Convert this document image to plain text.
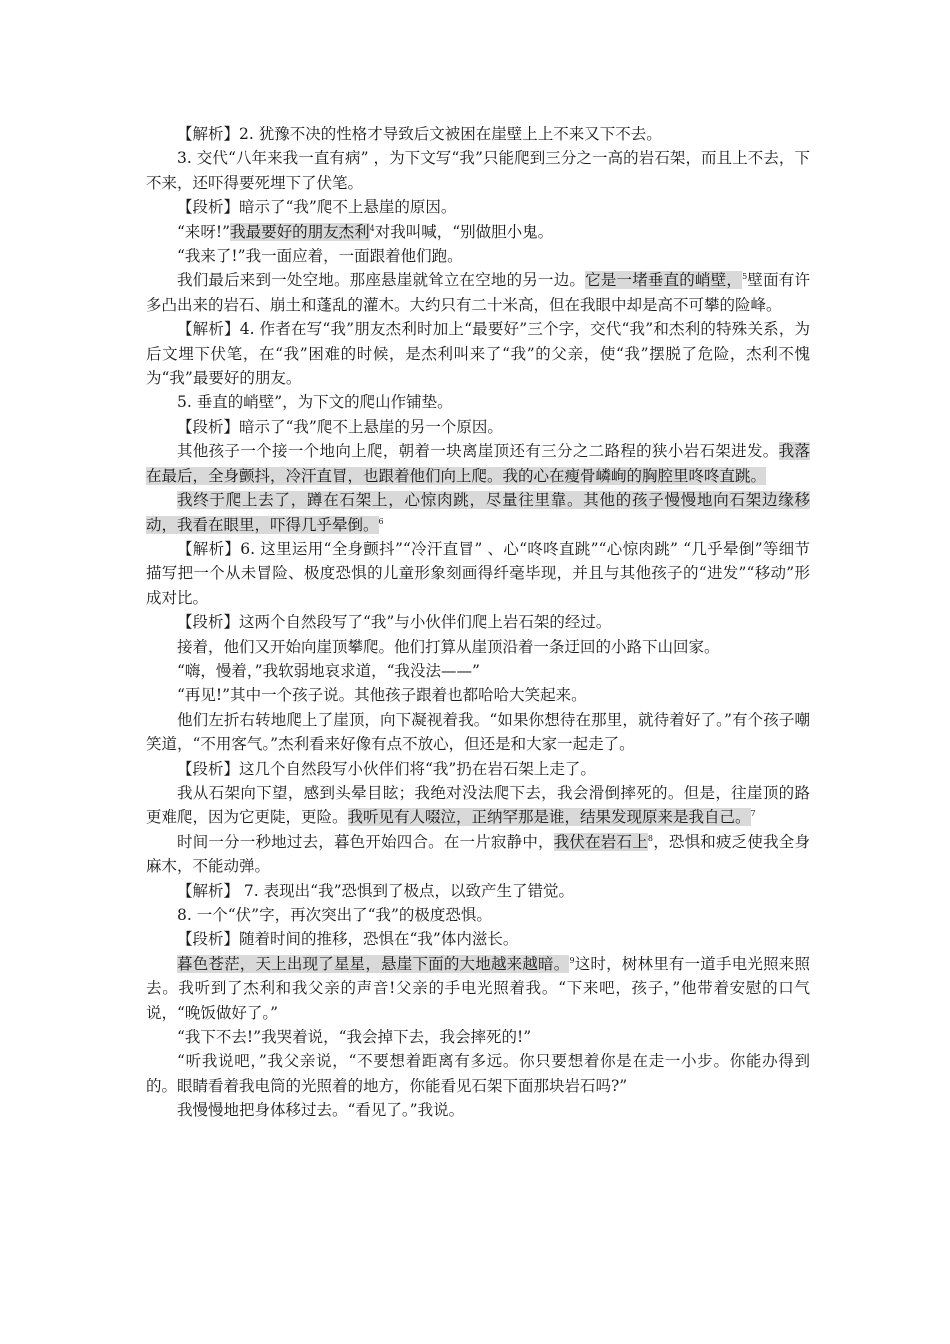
【解析】2. 犹豫不决的性格才导致后文被困在崖壁上上不来又下不去。

3. 交代“八年来我一直有病” ，为下文写“我”只能爬到三分之一高的岩石架，而且上不去，下不来，还吓得要死埋下了伏笔。

【段析】暗示了“我”爬不上悬崖的原因。

“来呀!”我最要好的朋友杰利$^4$对我叫喊，“别做胆小鬼。

“我来了!”我一面应着，一面跟着他们跑。

我们最后来到一处空地。那座悬崖就耸立在空地的另一边。它是一堵垂直的峭壁，$^5$壁面有许多凸出来的岩石、崩土和蓬乱的灌木。大约只有二十米高，但在我眼中却是高不可攀的险峰。

【解析】4. 作者在写“我”朋友杰利时加上“最要好”三个字，交代“我”和杰利的特殊关系，为后文埋下伏笔，在“我”困难的时候，是杰利叫来了“我”的父亲，使“我”摆脱了危险，杰利不愧为“我”最要好的朋友。

5. 垂直的峭壁”，为下文的爬山作铺垫。

【段析】暗示了“我”爬不上悬崖的另一个原因。

其他孩子一个接一个地向上爬，朝着一块离崖顶还有三分之二路程的狭小岩石架进发。我落在最后，全身颤抖，冷汗直冒，也跟着他们向上爬。我的心在瘦骨嶙峋的胸腔里咚咚直跳。

我终于爬上去了，蹲在石架上，心惊肉跳，尽量往里靠。其他的孩子慢慢地向石架边缘移动，我看在眼里，吓得几乎晕倒。$^6$

【解析】6. 这里运用“全身颤抖”“冷汗直冒” 、心“咚咚直跳”“心惊肉跳” “几乎晕倒”等细节描写把一个从未冒险、极度恐惧的儿童形象刻画得纤毫毕现，并且与其他孩子的“进发”“移动”形成对比。

【段析】这两个自然段写了“我”与小伙伴们爬上岩石架的经过。

接着，他们又开始向崖顶攀爬。他们打算从崖顶沿着一条迂回的小路下山回家。

“嗨，慢着，”我软弱地哀求道，“我没法——”

“再见!”其中一个孩子说。其他孩子跟着也都哈哈大笑起来。

他们左折右转地爬上了崖顶，向下凝视着我。“如果你想待在那里，就待着好了。”有个孩子嘲笑道，“不用客气。”杰利看来好像有点不放心，但还是和大家一起走了。

【段析】这几个自然段写小伙伴们将“我”扔在岩石架上走了。

我从石架向下望，感到头晕目眩；我绝对没法爬下去，我会滑倒摔死的。但是，往崖顶的路更难爬，因为它更陡，更险。我听见有人啜泣，正纳罕那是谁，结果发现原来是我自己。$^7$

时间一分一秒地过去，暮色开始四合。在一片寂静中，我伏在岩石上$^8$，恐惧和疲乏使我全身麻木，不能动弹。

【解析】 7. 表现出“我”恐惧到了极点，以致产生了错觉。

8. 一个“伏”字，再次突出了“我”的极度恐惧。

【段析】随着时间的推移，恐惧在“我”体内滋长。

暮色苍茫，天上出现了星星，悬崖下面的大地越来越暗。$^9$这时，树林里有一道手电光照来照去。我听到了杰利和我父亲的声音!父亲的手电光照着我。“下来吧，孩子，”他带着安慰的口气说，“晚饭做好了。”

“我下不去!”我哭着说，“我会掉下去，我会摔死的!”

“听我说吧，”我父亲说，“不要想着距离有多远。你只要想着你是在走一小步。你能办得到的。眼睛看着我电筒的光照着的地方，你能看见石架下面那块岩石吗?”

我慢慢地把身体移过去。“看见了。”我说。
